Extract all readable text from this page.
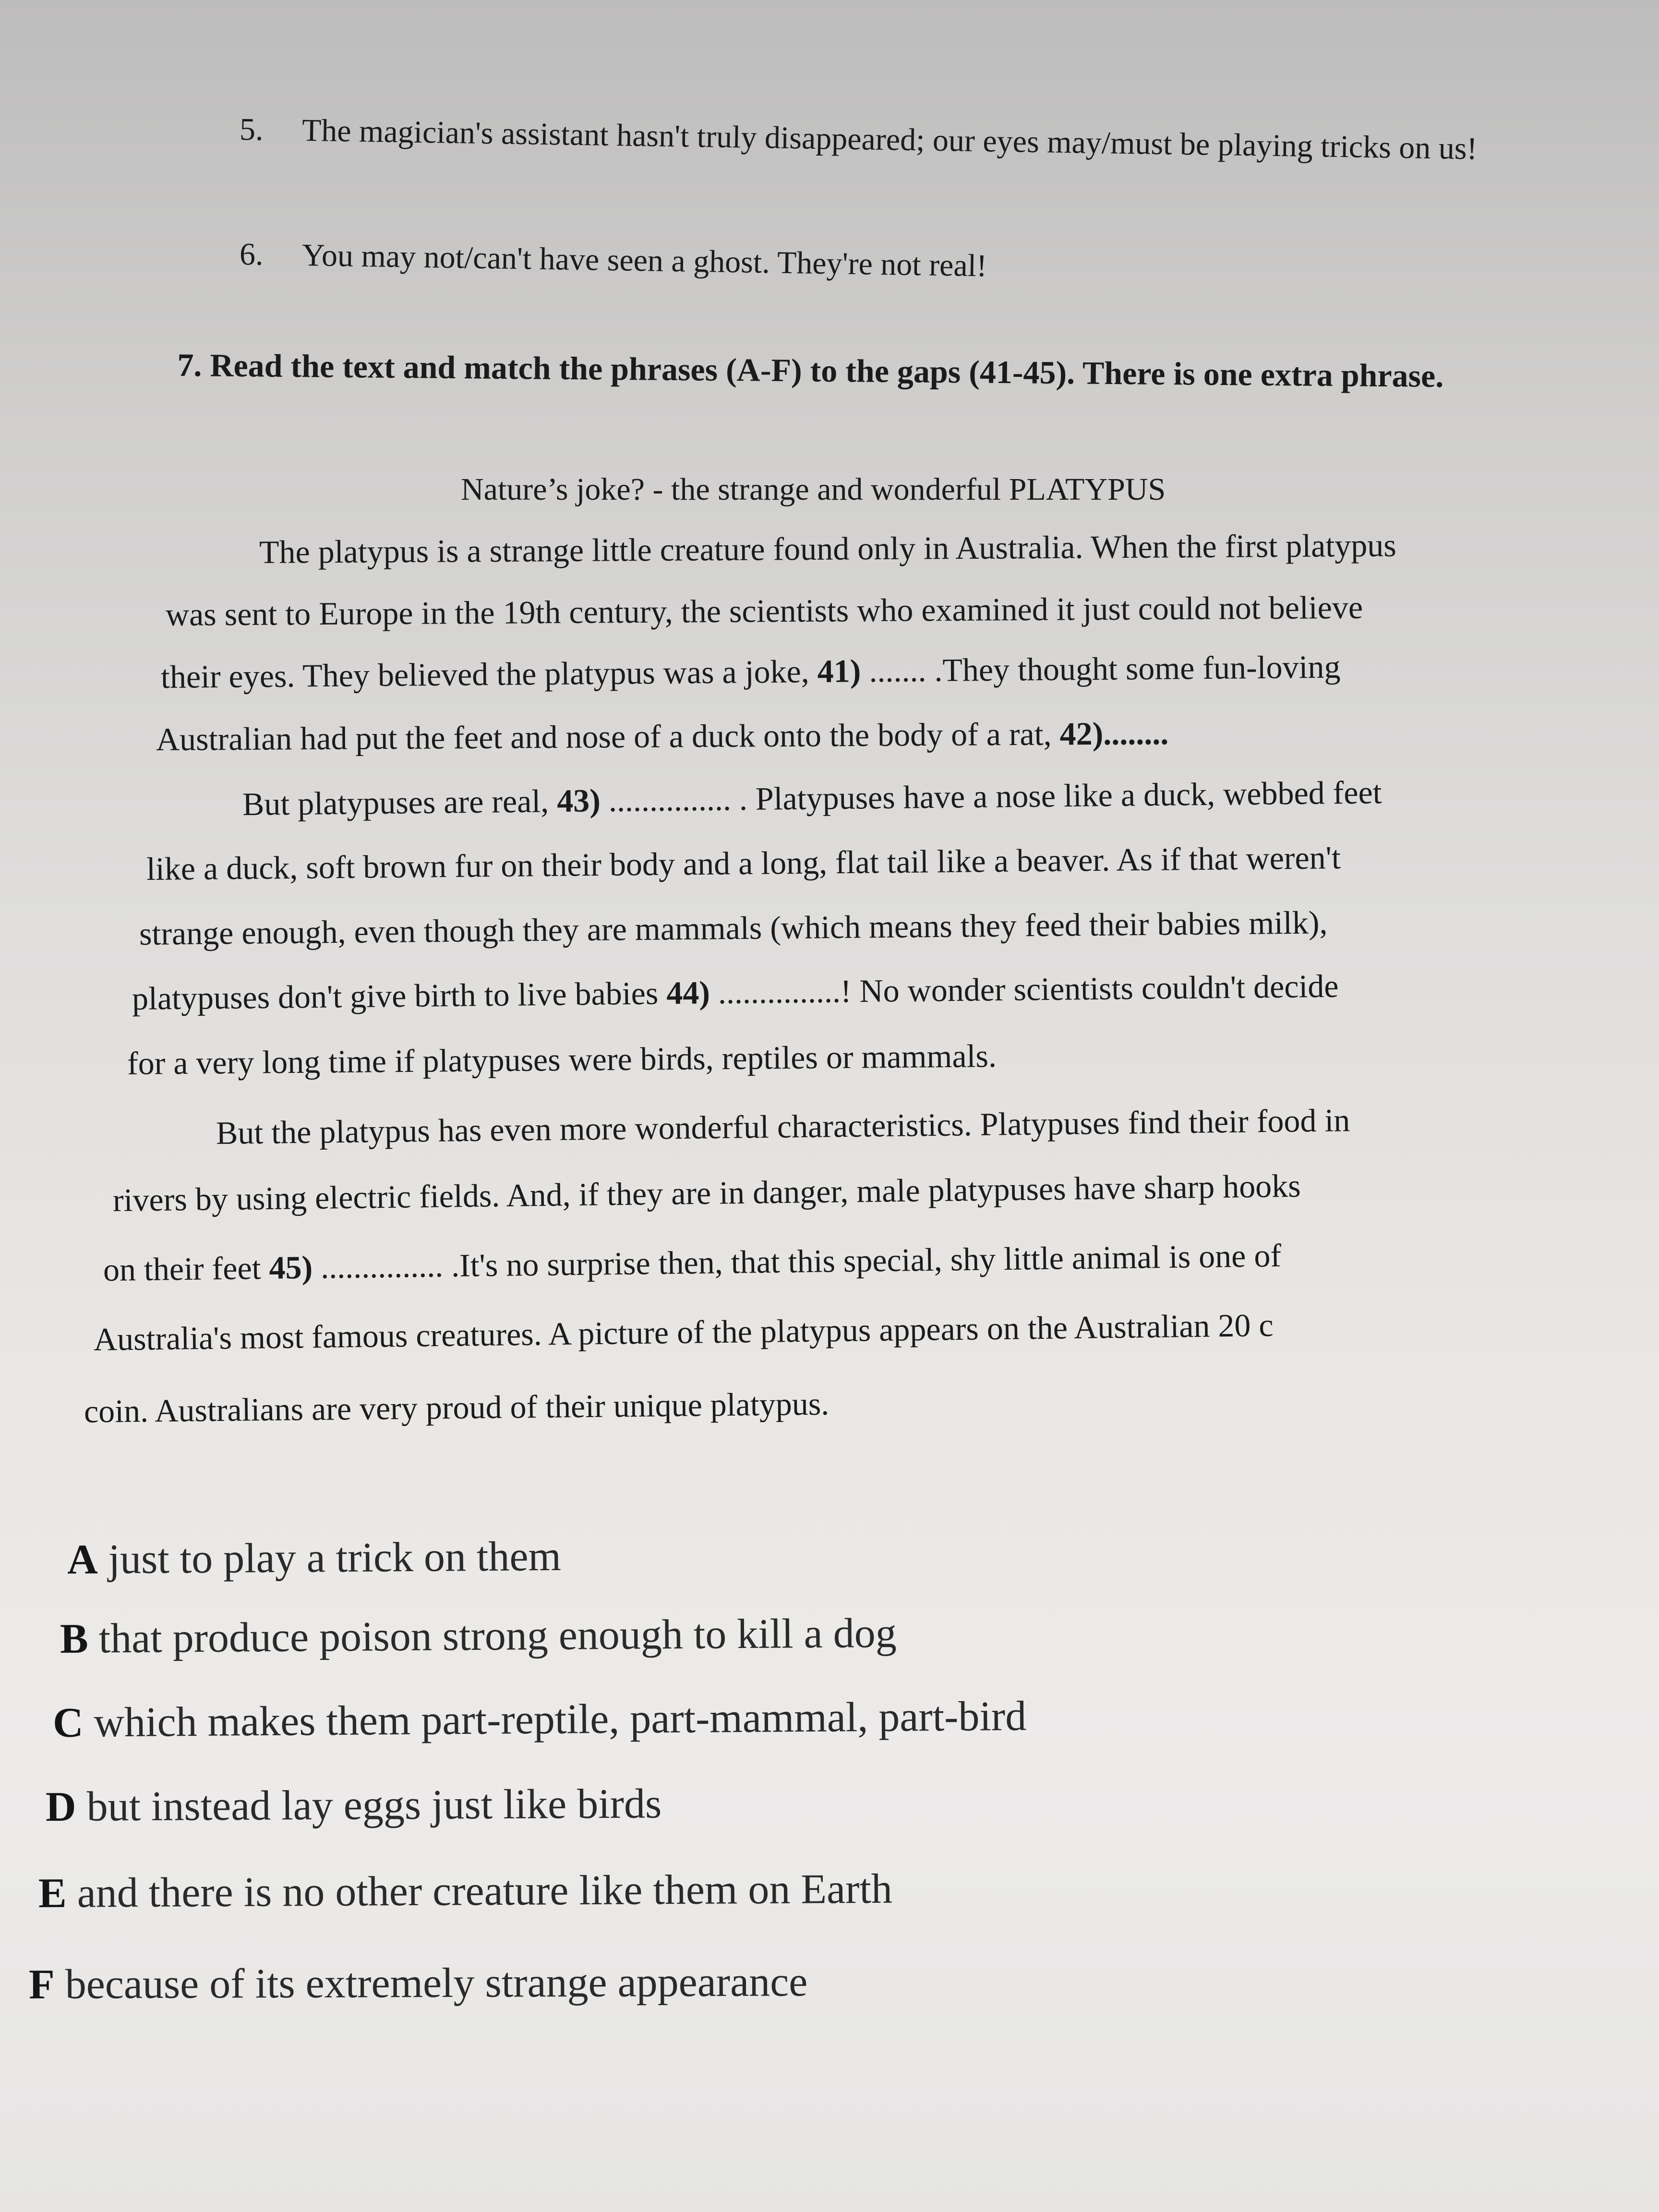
5. The magician's assistant hasn't truly disappeared; our eyes may/must be playing tricks on us!
6. You may not/can't have seen a ghost. They're not real!
7. Read the text and match the phrases (A-F) to the gaps (41-45). There is one extra phrase.
Nature’s joke? - the strange and wonderful PLATYPUS
The platypus is a strange little creature found only in Australia. When the first platypus
was sent to Europe in the 19th century, the scientists who examined it just could not believe
their eyes. They believed the platypus was a joke, 41) ....... .They thought some fun-loving
Australian had put the feet and nose of a duck onto the body of a rat, 42)........
But platypuses are real, 43) ............... . Platypuses have a nose like a duck, webbed feet
like a duck, soft brown fur on their body and a long, flat tail like a beaver. As if that weren't
strange enough, even though they are mammals (which means they feed their babies milk),
platypuses don't give birth to live babies 44) ...............! No wonder scientists couldn't decide
for a very long time if platypuses were birds, reptiles or mammals.
But the platypus has even more wonderful characteristics. Platypuses find their food in
rivers by using electric fields. And, if they are in danger, male platypuses have sharp hooks
on their feet 45) ............... .It's no surprise then, that this special, shy little animal is one of
Australia's most famous creatures. A picture of the platypus appears on the Australian 20 c
coin. Australians are very proud of their unique platypus.
A just to play a trick on them
B that produce poison strong enough to kill a dog
C which makes them part-reptile, part-mammal, part-bird
D but instead lay eggs just like birds
E and there is no other creature like them on Earth
F because of its extremely strange appearance
